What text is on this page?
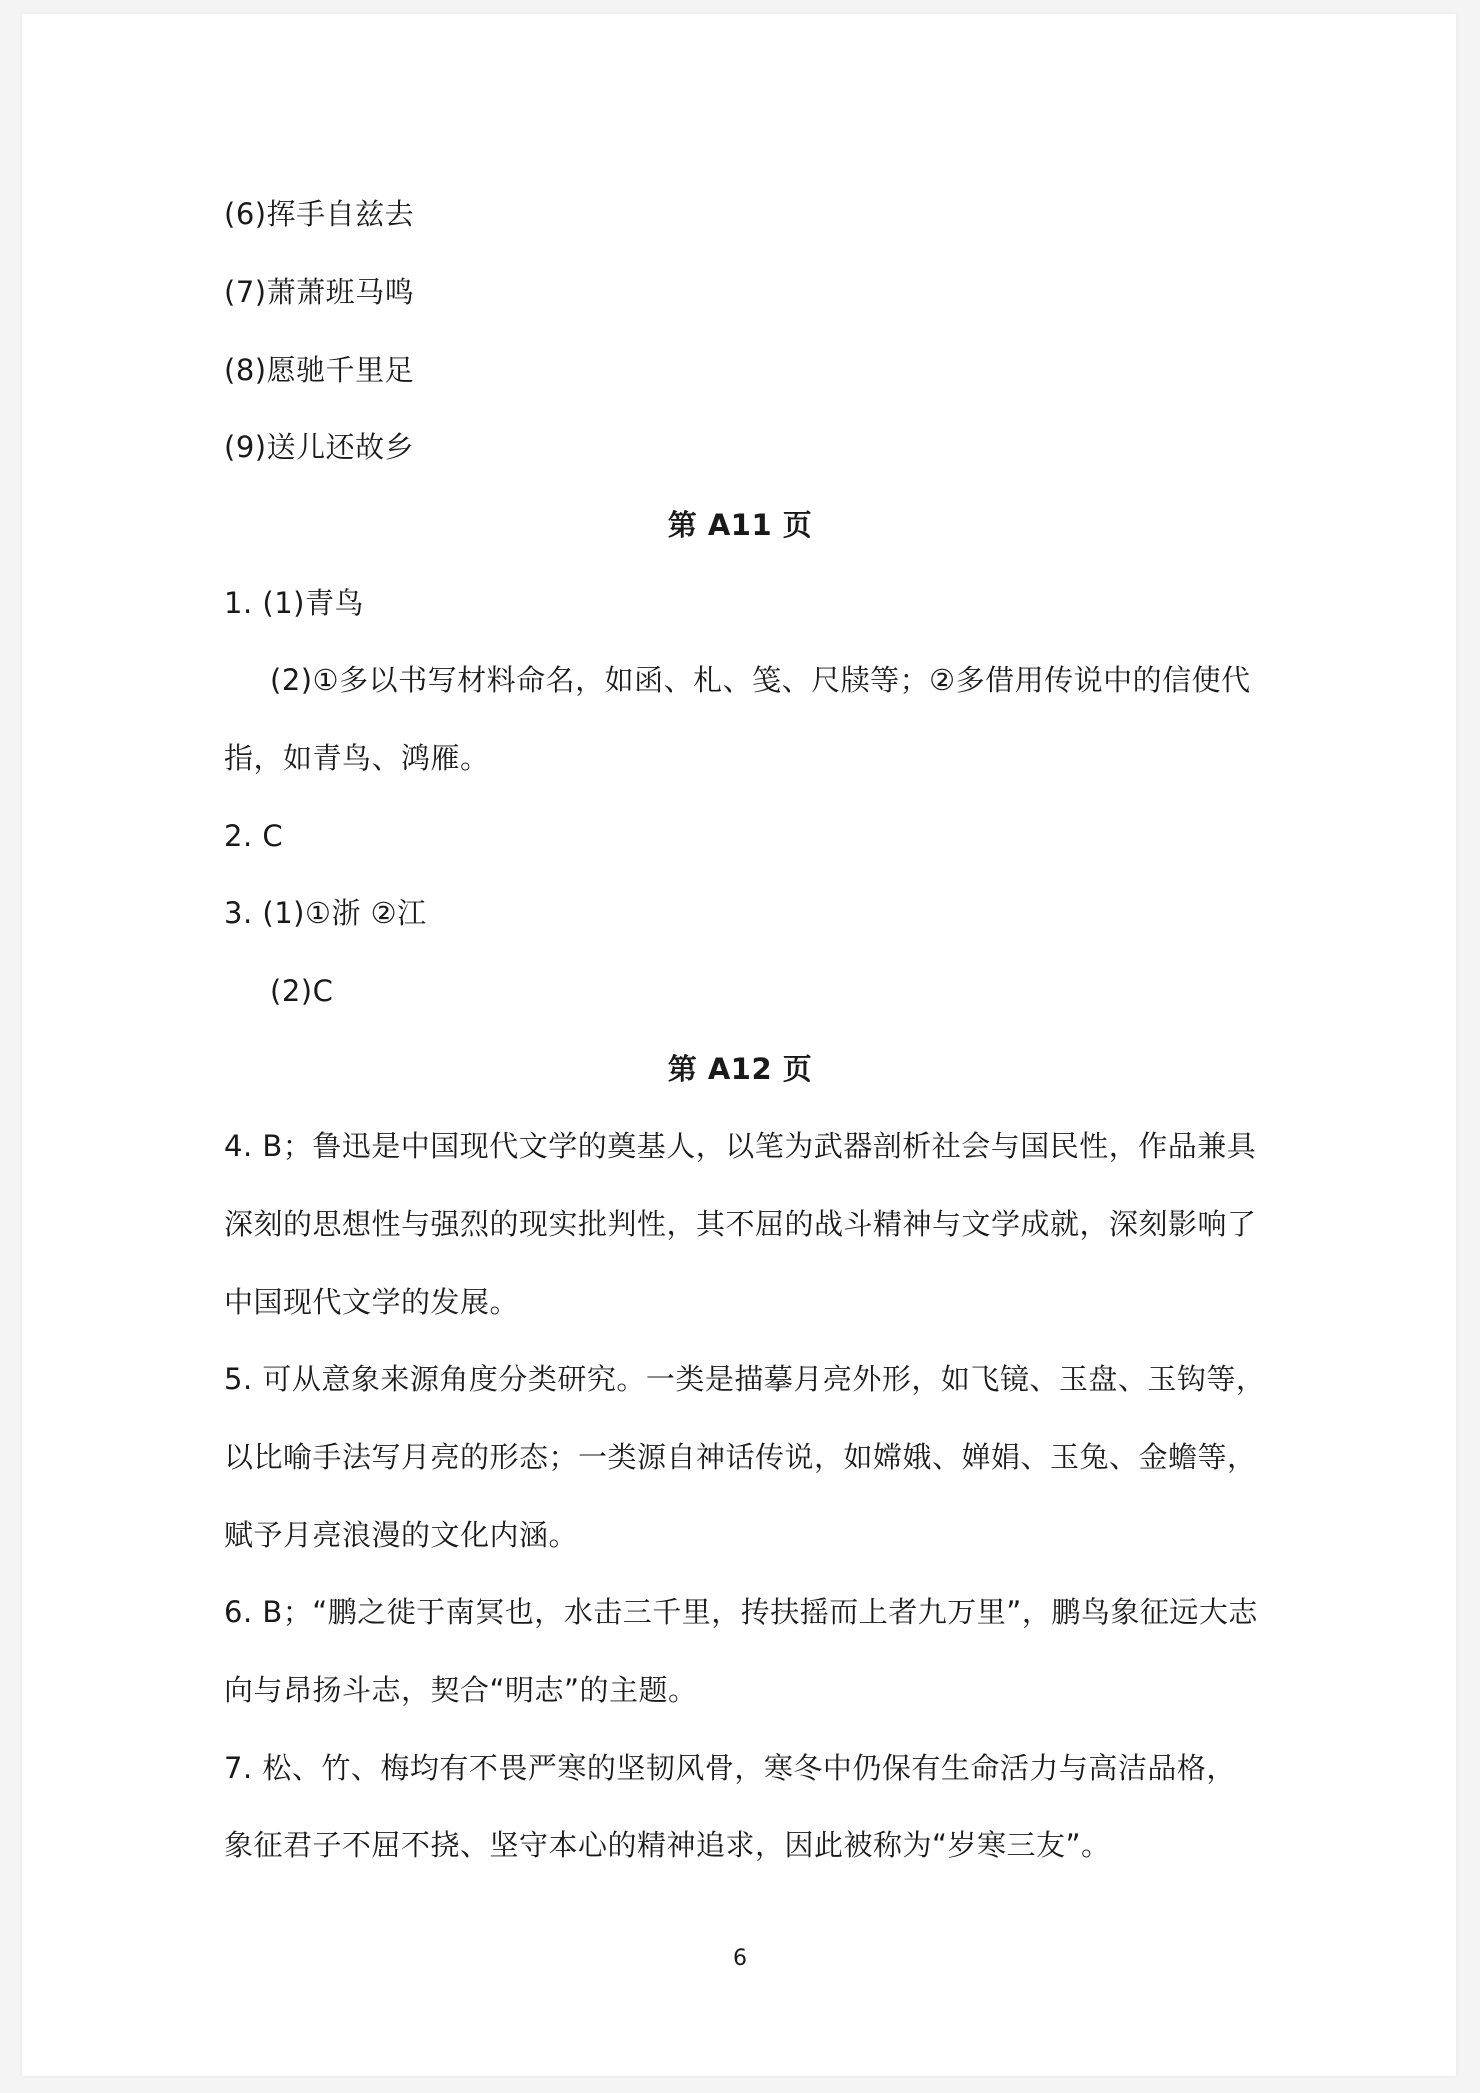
(6)挥手自兹去
(7)萧萧班马鸣
(8)愿驰千里足
(9)送儿还故乡
第 A11 页
1. (1)青鸟
(2)①多以书写材料命名，如函、札、笺、尺牍等；②多借用传说中的信使代
指，如青鸟、鸿雁。
2. C
3. (1)①浙 ②江
(2)C
第 A12 页
4. B；鲁迅是中国现代文学的奠基人，以笔为武器剖析社会与国民性，作品兼具
深刻的思想性与强烈的现实批判性，其不屈的战斗精神与文学成就，深刻影响了
中国现代文学的发展。
5. 可从意象来源角度分类研究。一类是描摹月亮外形，如飞镜、玉盘、玉钩等，
以比喻手法写月亮的形态；一类源自神话传说，如嫦娥、婵娟、玉兔、金蟾等，
赋予月亮浪漫的文化内涵。
6. B；“鹏之徙于南冥也，水击三千里，抟扶摇而上者九万里”，鹏鸟象征远大志
向与昂扬斗志，契合“明志”的主题。
7. 松、竹、梅均有不畏严寒的坚韧风骨，寒冬中仍保有生命活力与高洁品格，
象征君子不屈不挠、坚守本心的精神追求，因此被称为“岁寒三友”。
6
